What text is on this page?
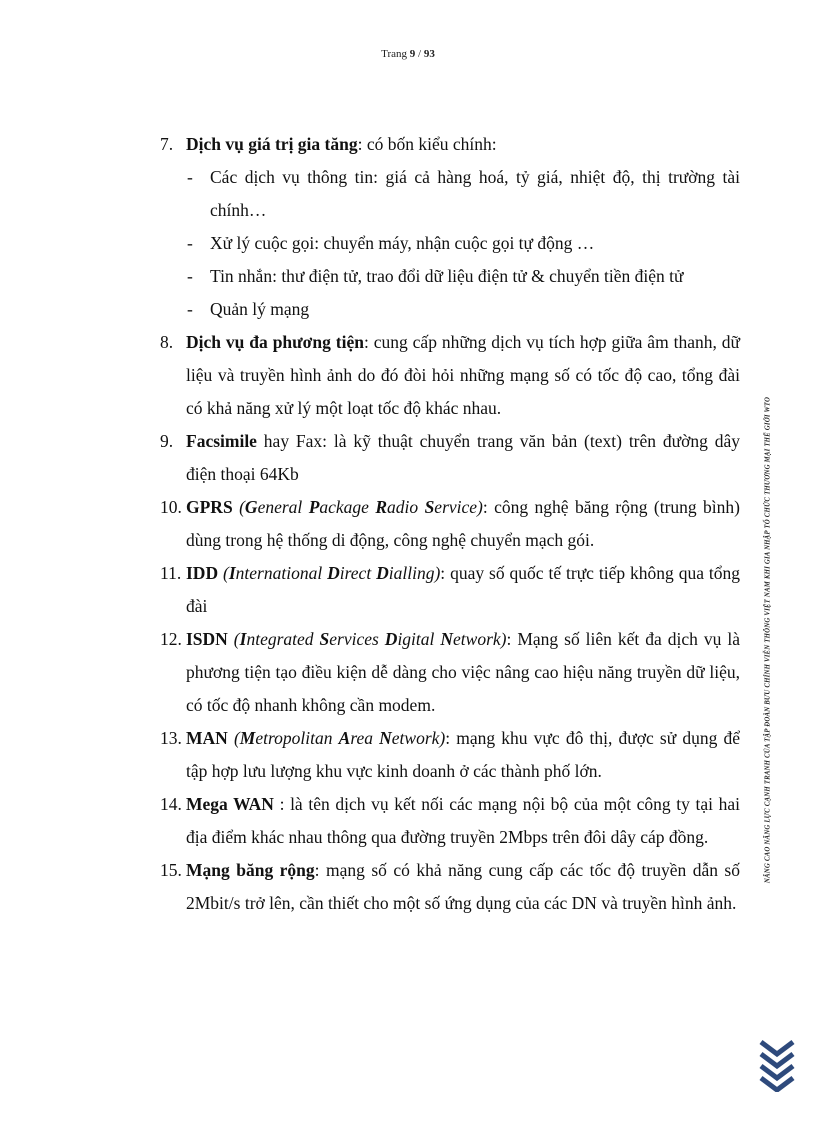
Trang 9 / 93
7. Dịch vụ giá trị gia tăng: có bốn kiểu chính:
- Các dịch vụ thông tin: giá cả hàng hoá, tỷ giá, nhiệt độ, thị trường tài chính…
- Xử lý cuộc gọi: chuyển máy, nhận cuộc gọi tự động …
- Tin nhắn: thư điện tử, trao đổi dữ liệu điện tử & chuyển tiền điện tử
- Quản lý mạng
8. Dịch vụ đa phương tiện: cung cấp những dịch vụ tích hợp giữa âm thanh, dữ liệu và truyền hình ảnh do đó đòi hỏi những mạng số có tốc độ cao, tổng đài có khả năng xử lý một loạt tốc độ khác nhau.
9. Facsimile hay Fax: là kỹ thuật chuyển trang văn bản (text) trên đường dây điện thoại 64Kb
10. GPRS (General Package Radio Service): công nghệ băng rộng (trung bình) dùng trong hệ thống di động, công nghệ chuyển mạch gói.
11. IDD (International Direct Dialling): quay số quốc tế trực tiếp không qua tổng đài
12. ISDN (Integrated Services Digital Network): Mạng số liên kết đa dịch vụ là phương tiện tạo điều kiện dễ dàng cho việc nâng cao hiệu năng truyền dữ liệu, có tốc độ nhanh không cần modem.
13. MAN (Metropolitan Area Network): mạng khu vực đô thị, được sử dụng để tập hợp lưu lượng khu vực kinh doanh ở các thành phố lớn.
14. Mega WAN : là tên dịch vụ kết nối các mạng nội bộ của một công ty tại hai địa điểm khác nhau thông qua đường truyền 2Mbps trên đôi dây cáp đồng.
15. Mạng băng rộng: mạng số có khả năng cung cấp các tốc độ truyền dẫn số 2Mbit/s trở lên, cần thiết cho một số ứng dụng của các DN và truyền hình ảnh.
NÂNG CAO NĂNG LỰC CẠNH TRANH CỦA TẬP ĐOÀN BƯU CHÍNH VIỄN THÔNG VIỆT NAM KHI GIA NHẬP TỔ CHỨC THƯƠNG MẠI THẾ GIỚI WTO
